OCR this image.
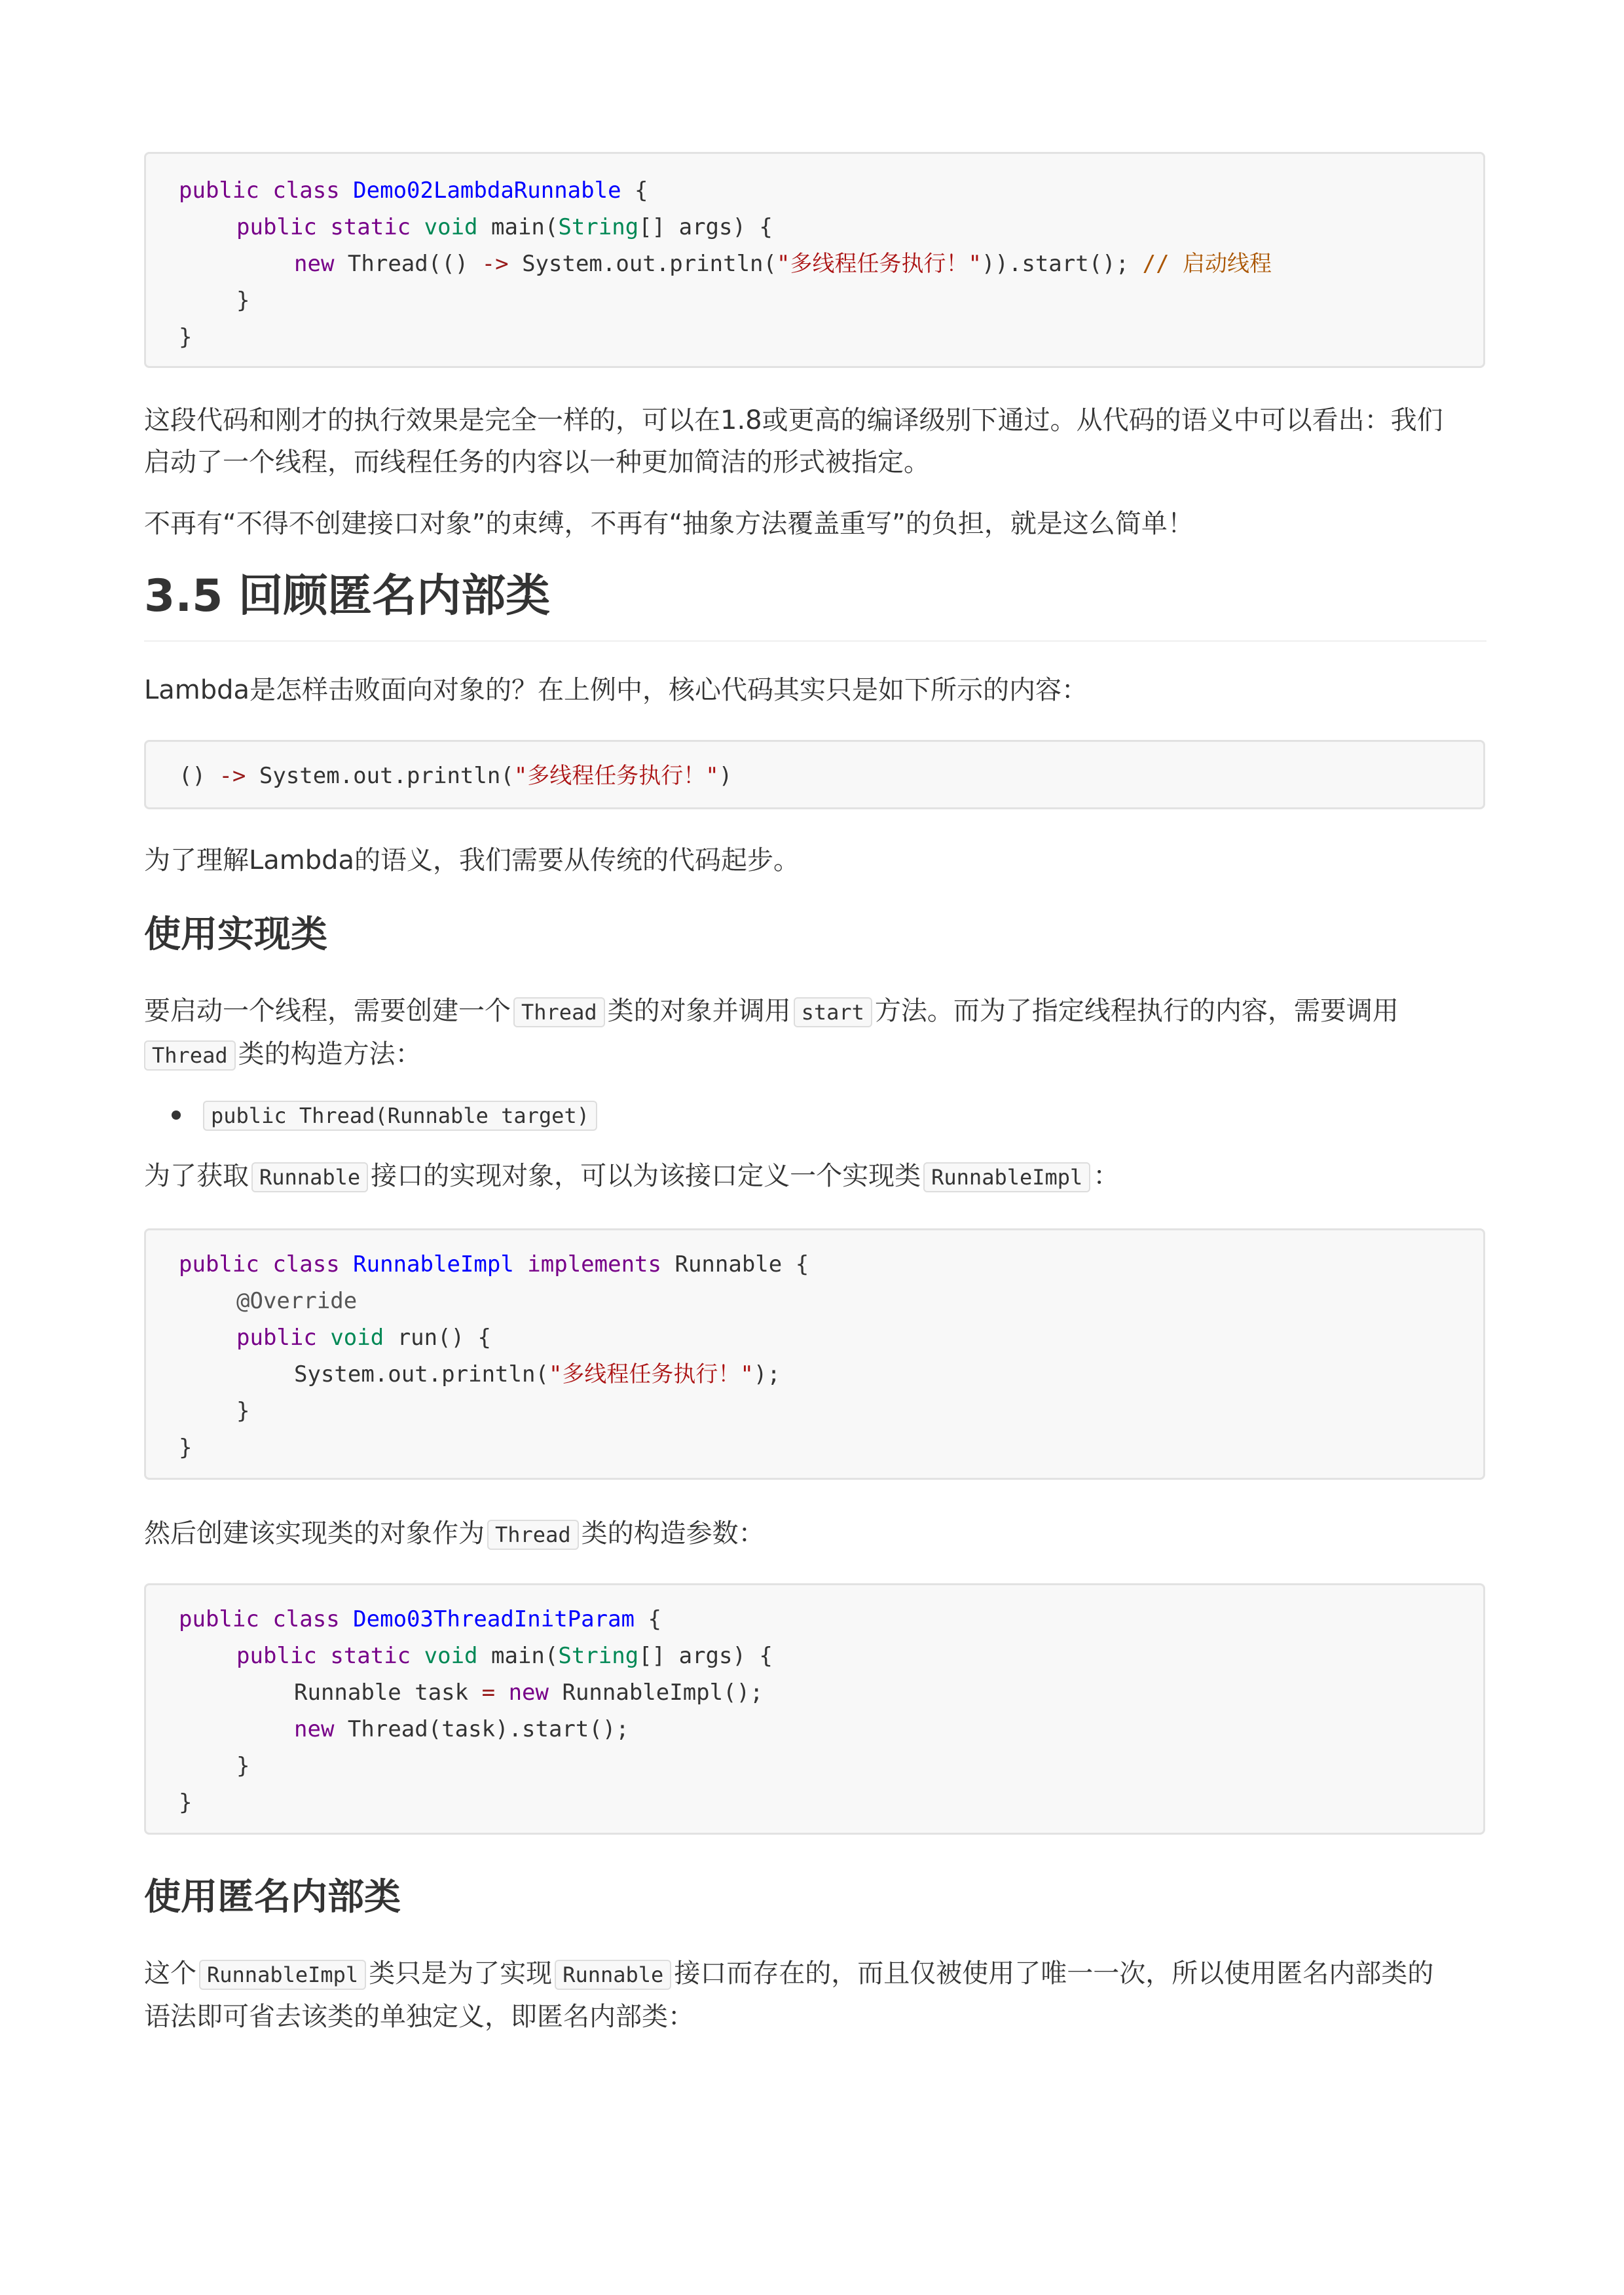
public class Demo02LambdaRunnable {
public static void main(String[] args) {
new Thread(() -> System.out.println("多线程任务执行！")).start(); // 启动线程
}
}
这段代码和刚才的执行效果是完全一样的，可以在1.8或更高的编译级别下通过。从代码的语义中可以看出：我们
启动了一个线程，而线程任务的内容以一种更加简洁的形式被指定。
不再有“不得不创建接口对象”的束缚，不再有“抽象方法覆盖重写”的负担，就是这么简单！
3.5 回顾匿名内部类
Lambda是怎样击败面向对象的？在上例中，核心代码其实只是如下所示的内容：
() -> System.out.println("多线程任务执行！")
为了理解Lambda的语义，我们需要从传统的代码起步。
使用实现类
要启动一个线程，需要创建一个 Thread 类的对象并调用 start 方法。而为了指定线程执行的内容，需要调用
Thread 类的构造方法：
public Thread(Runnable target)
为了获取 Runnable 接口的实现对象，可以为该接口定义一个实现类 RunnableImpl ：
public class RunnableImpl implements Runnable {
@Override
public void run() {
System.out.println("多线程任务执行！");
}
}
然后创建该实现类的对象作为 Thread 类的构造参数：
public class Demo03ThreadInitParam {
public static void main(String[] args) {
Runnable task = new RunnableImpl();
new Thread(task).start();
}
}
使用匿名内部类
这个 RunnableImpl 类只是为了实现 Runnable 接口而存在的，而且仅被使用了唯一一次，所以使用匿名内部类的
语法即可省去该类的单独定义，即匿名内部类：
